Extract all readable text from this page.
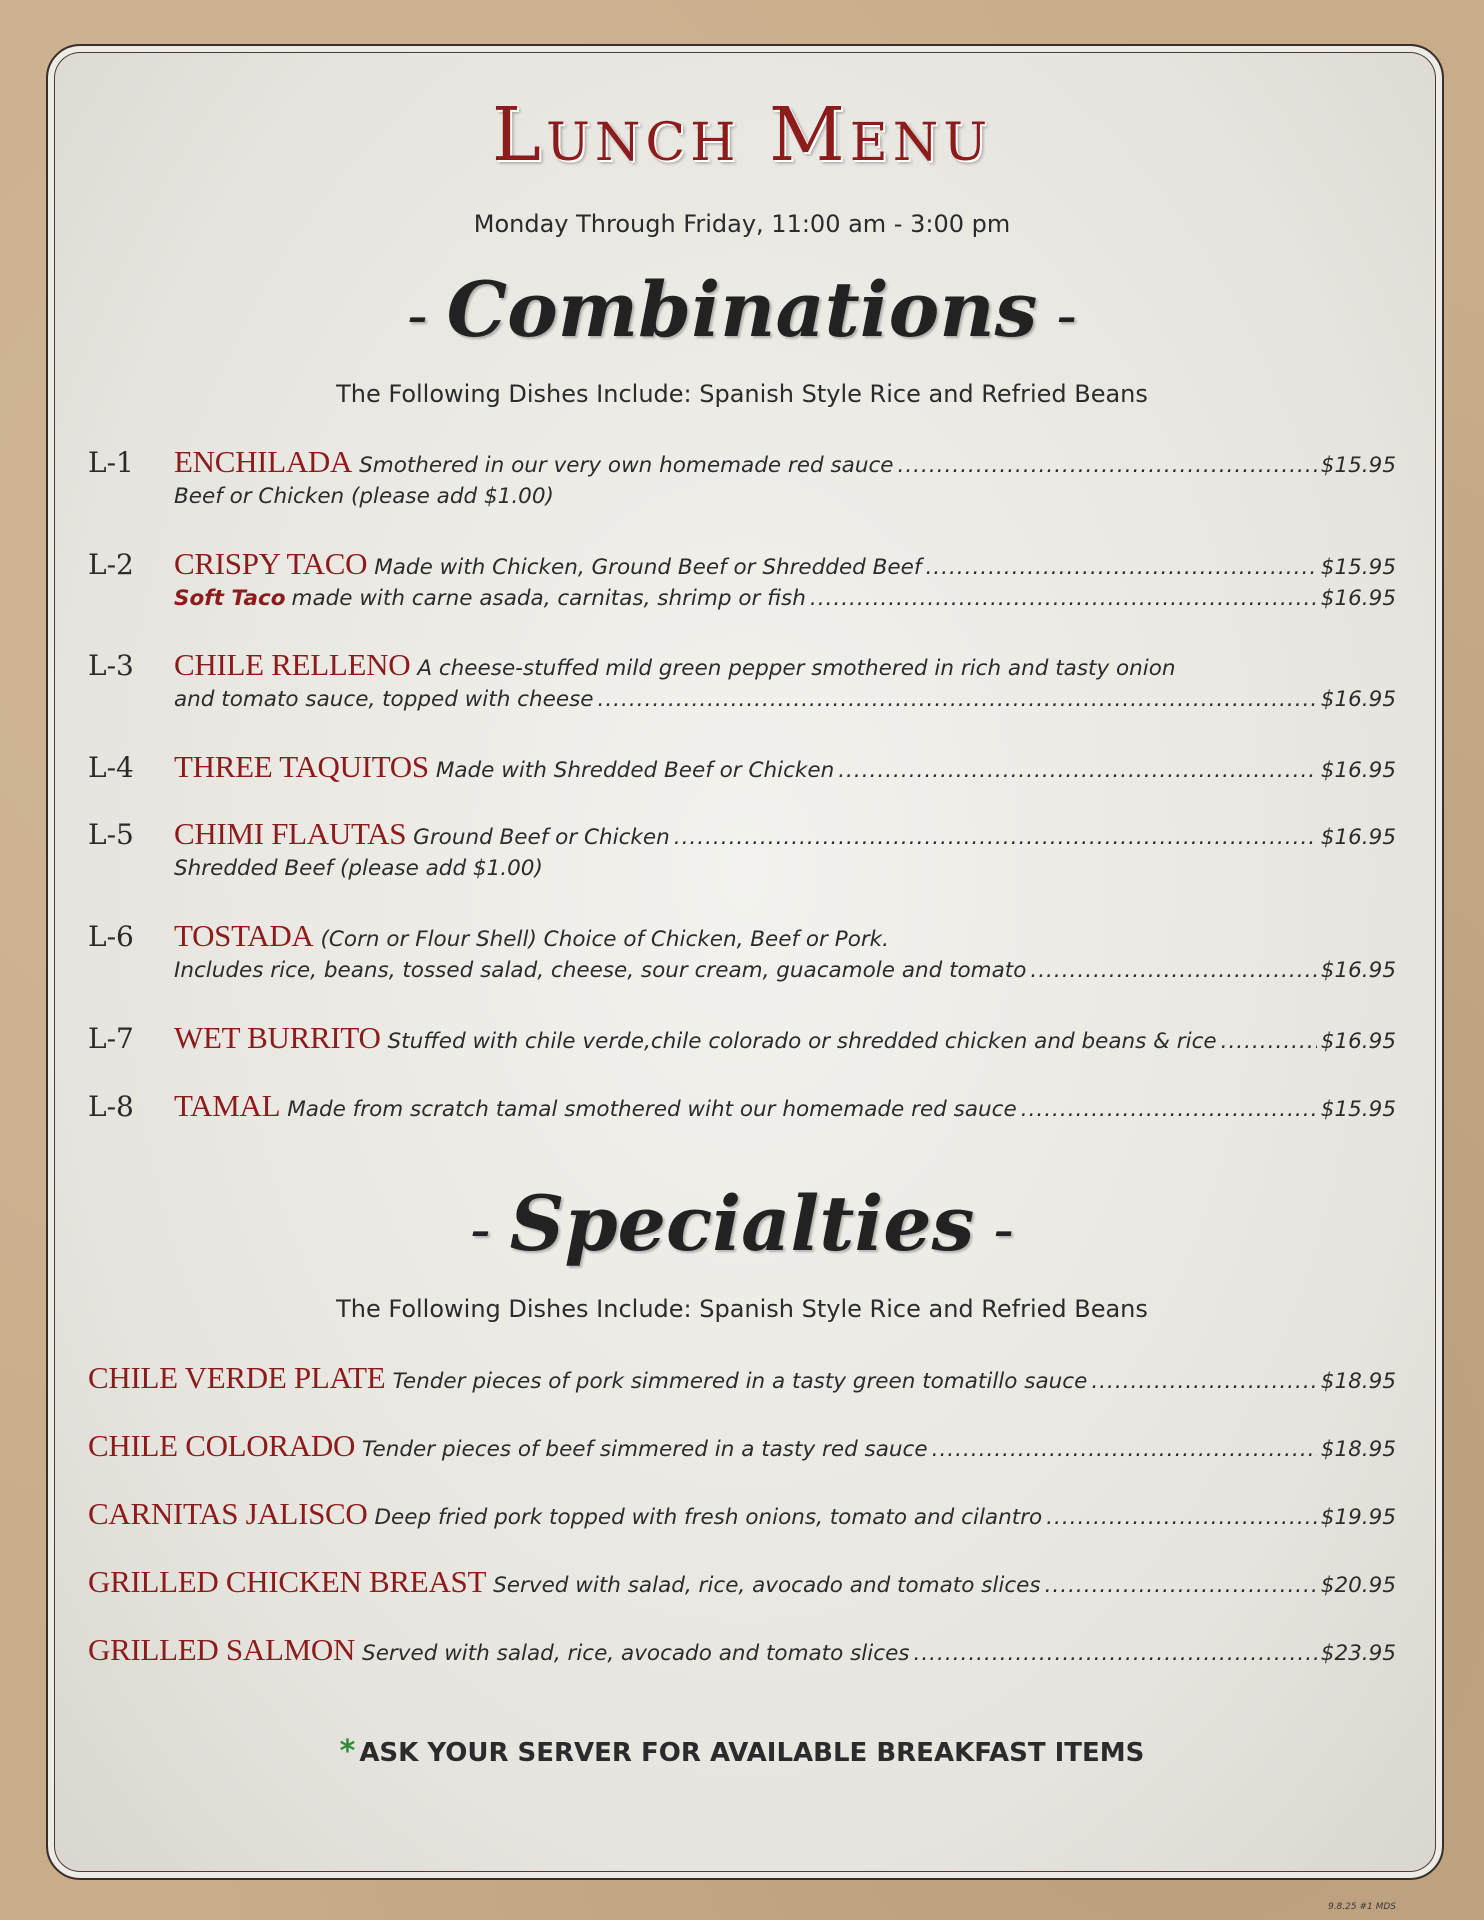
Lunch Menu
Monday Through Friday, 11:00 am - 3:00 pm
- Combinations -
The Following Dishes Include: Spanish Style Rice and Refried Beans
L-1 ENCHILADA Smothered in our very own homemade red sauce .....	$15.95
Beef or Chicken (please add $1.00)
L-2 CRISPY TACO Made with Chicken, Ground Beef or Shredded Beef .....	$15.95
Soft Taco made with carne asada, carnitas, shrimp or fish .....	$16.95
L-3 CHILE RELLENO A cheese-stuffed mild green pepper smothered in rich and tasty onion
and tomato sauce, topped with cheese .....	$16.95
L-4 THREE TAQUITOS Made with Shredded Beef or Chicken .....	$16.95
L-5 CHIMI FLAUTAS Ground Beef or Chicken .....	$16.95
Shredded Beef (please add $1.00)
L-6 TOSTADA (Corn or Flour Shell) Choice of Chicken, Beef or Pork.
Includes rice, beans, tossed salad, cheese, sour cream, guacamole and tomato .....	$16.95
L-7 WET BURRITO Stuffed with chile verde,chile colorado or shredded chicken and beans & rice .....	$16.95
L-8 TAMAL Made from scratch tamal smothered wiht our homemade red sauce .....	$15.95
- Specialties -
The Following Dishes Include: Spanish Style Rice and Refried Beans
CHILE VERDE PLATE Tender pieces of pork simmered in a tasty green tomatillo sauce .....	$18.95
CHILE COLORADO Tender pieces of beef simmered in a tasty red sauce .....	$18.95
CARNITAS JALISCO Deep fried pork topped with fresh onions, tomato and cilantro .....	$19.95
GRILLED CHICKEN BREAST Served with salad, rice, avocado and tomato slices .....	$20.95
GRILLED SALMON Served with salad, rice, avocado and tomato slices .....	$23.95
* ASK YOUR SERVER FOR AVAILABLE BREAKFAST ITEMS
9.8.25 #1 MDS
